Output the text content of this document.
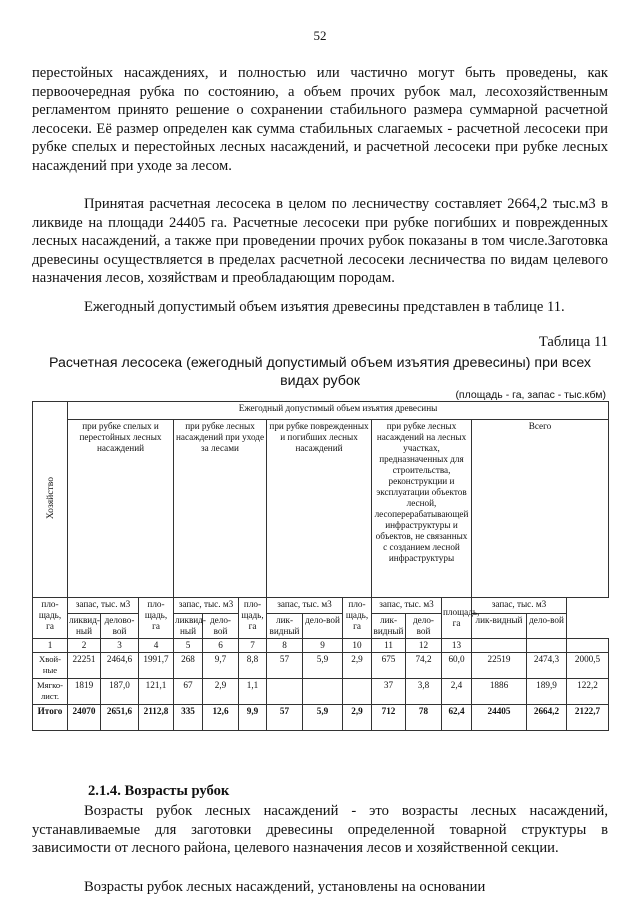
52

перестойных насаждениях, и полностью или частично могут быть проведены, как первоочередная рубка по состоянию, а объем прочих рубок мал, лесохозяйственным регламентом принято решение о сохранении стабильного размера суммарной расчетной лесосеки. Её размер определен как сумма стабильных слагаемых - расчетной лесосеки при рубке спелых и перестойных лесных насаждений, и расчетной лесосеки при рубке лесных насаждений при уходе за лесом.

Принятая расчетная лесосека в целом по лесничеству составляет 2664,2 тыс.м3 в ликвиде на площади 24405 га. Расчетные лесосеки при рубке погибших и поврежденных лесных насаждений, а также при проведении прочих рубок показаны в том числе.Заготовка древесины осуществляется в пределах расчетной лесосеки лесничества по видам целевого назначения лесов, хозяйствам и преобладающим породам.

Ежегодный допустимый объем изъятия древесины представлен в таблице 11.

Таблица 11
Расчетная лесосека (ежегодный допустимый объем изъятия древесины) при всех видах рубок
(площадь - га, запас - тыс.кбм)
Хозяйство	Ежегодный допустимый объем изъятия древесины														
	при рубке спелых и перестойных лесных насаждений			при рубке лесных насаждений при уходе за лесами			при рубке поврежденных и погибших лесных насаждений			при рубке лесных насаждений на лесных участках, предназначенных для строительства, реконструкции и эксплуатации объектов лесной, лесоперерабатывающей инфраструктуры и объектов, не связанных с созданием лесной инфраструктуры			Всего		

пло-щадь, га	запас, тыс. м3		пло-щадь, га	запас, тыс. м3		пло-щадь, га	запас, тыс. м3		пло-щадь, га	запас, тыс. м3		площадь, га	запас, тыс. м3		
	ликвид-ный	делово-вой		ликвид-ный	дело-вой		лик-видный	дело-вой		лик-видный	дело-вой		лик-видный	дело-вой	
1	2	3	4	5	6	7	8	9	10	11	12	13			
Хвой-ные	22251	2464,6	1991,7	268	9,7	8,8	57	5,9	2,9	675	74,2	60,0	22519	2474,3	2000,5
Мягко-лист.	1819	187,0	121,1	67	2,9	1,1				37	3,8	2,4	1886	189,9	122,2
Итого	24070	2651,6	2112,8	335	12,6	9,9	57	5,9	2,9	712	78	62,4	24405	2664,2	2122,7
2.1.4. Возрасты рубок

Возрасты рубок лесных насаждений - это возрасты лесных насаждений, устанавливаемые для заготовки древесины определенной товарной структуры в зависимости от лесного района, целевого назначения лесов и хозяйственной секции.

Возрасты рубок лесных насаждений, установлены на основании
